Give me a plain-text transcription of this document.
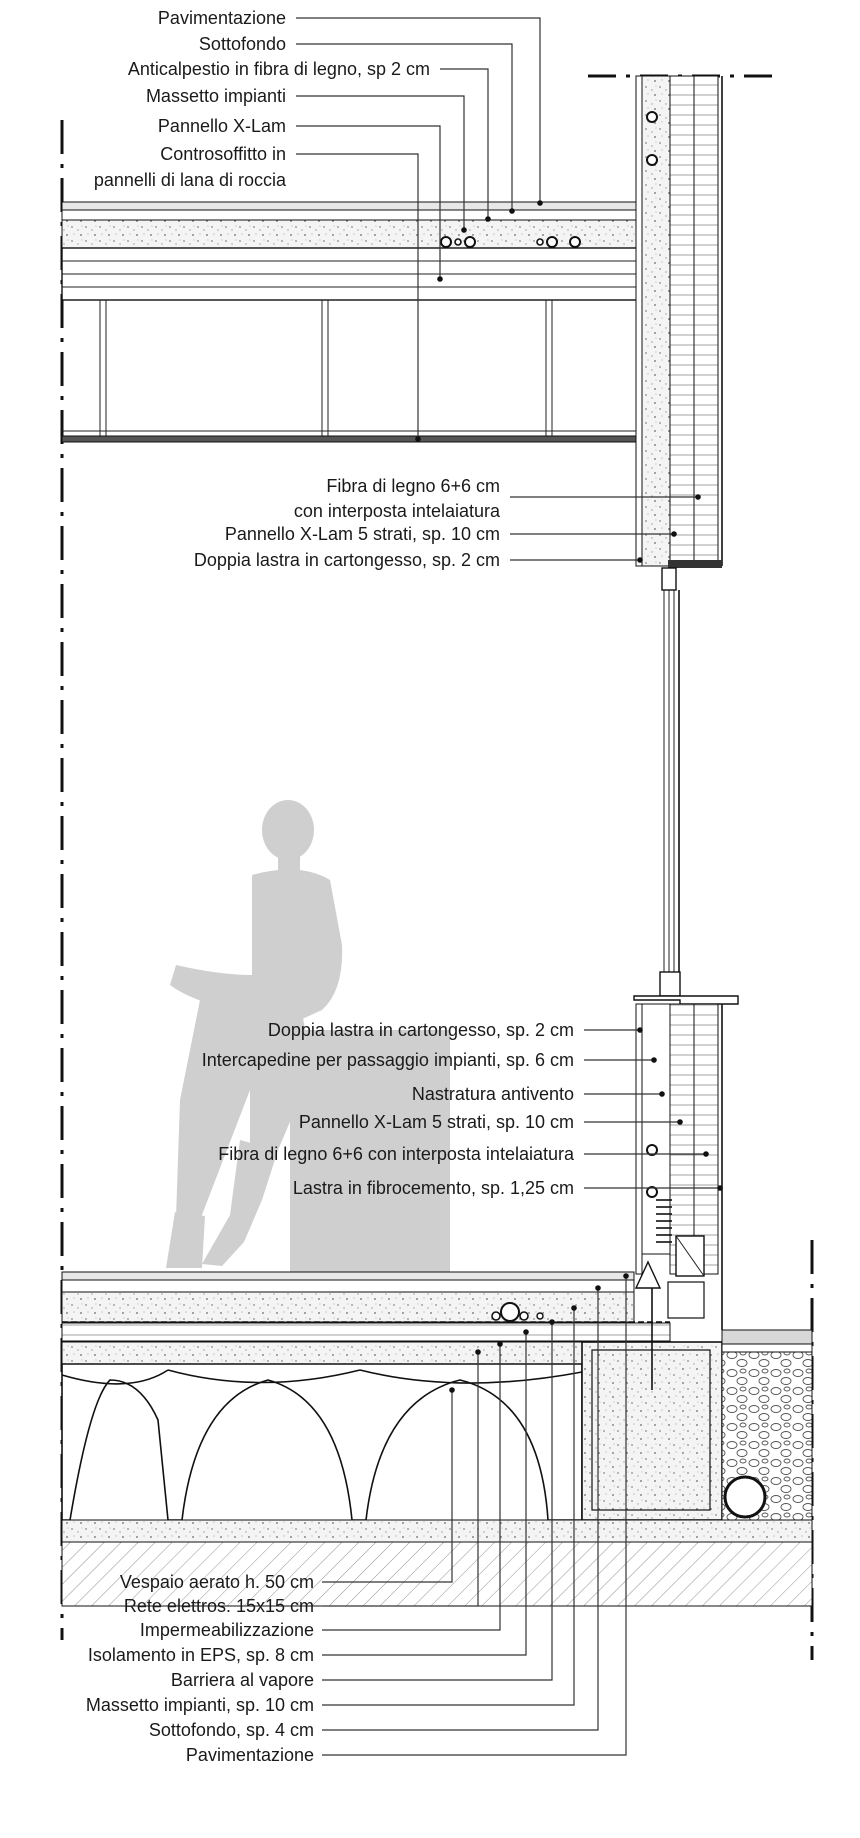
Pavimentazione
Sottofondo
Anticalpestio in fibra di legno, sp 2 cm
Massetto impianti
Pannello X-Lam
Controsoffitto in
pannelli di lana di roccia
Fibra di legno 6+6 cm
con interposta intelaiatura
Pannello X-Lam 5 strati, sp. 10 cm
Doppia lastra in cartongesso, sp. 2 cm
Doppia lastra in cartongesso, sp. 2 cm
Intercapedine per passaggio impianti, sp. 6 cm
Nastratura antivento
Pannello X-Lam 5 strati, sp. 10 cm
Fibra di legno 6+6 con interposta intelaiatura
Lastra in fibrocemento, sp. 1,25 cm
Vespaio aerato h. 50 cm
Rete elettros. 15x15 cm
Impermeabilizzazione
Isolamento in EPS, sp. 8 cm
Barriera al vapore
Massetto impianti, sp. 10 cm
Sottofondo, sp. 4 cm
Pavimentazione
